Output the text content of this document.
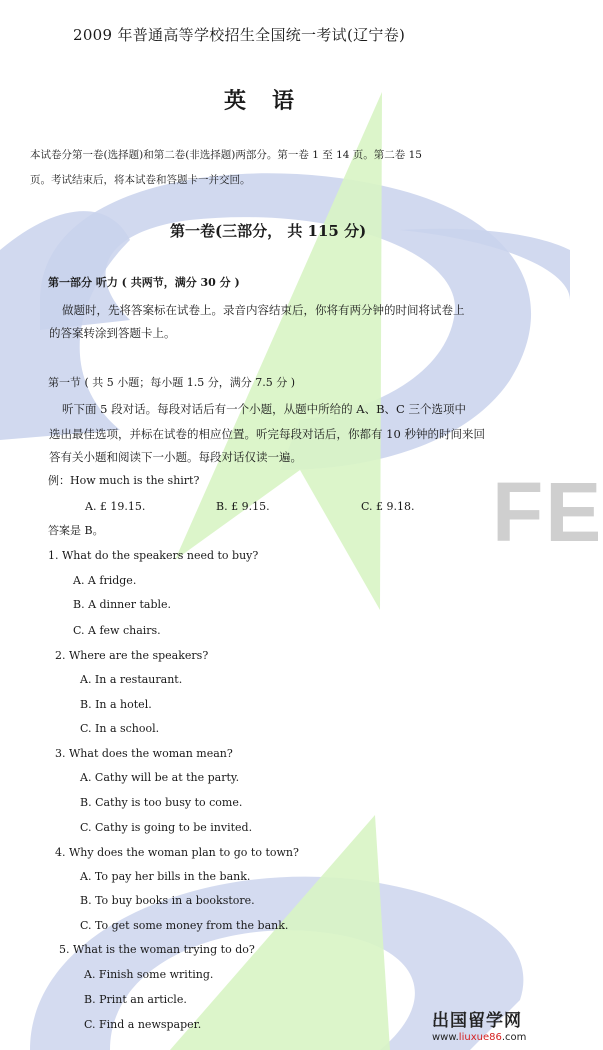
FE
2009 年普通高等学校招生全国统一考试(辽宁卷)
英语
本试卷分第一卷(选择题)和第二卷(非选择题)两部分。第一卷 1 至 14 页。第二卷 15
页。考试结束后，将本试卷和答题卡一并交回。
第一卷(三部分， 共 115 分)
第一部分 听力 ( 共两节，满分 30 分 )
做题时，先将答案标在试卷上。录音内容结束后，你将有两分钟的时间将试卷上
的答案转涂到答题卡上。
第一节 ( 共 5 小题；每小题 1.5 分，满分 7.5 分 )
听下面 5 段对话。每段对话后有一个小题，从题中所给的 A、B、C 三个选项中
选出最佳选项，并标在试卷的相应位置。听完每段对话后，你都有 10 秒钟的时间来回
答有关小题和阅读下一小题。每段对话仅读一遍。
例：How much is the shirt?
A. £ 19.15.	B. £ 9.15.	C. £ 9.18.
答案是 B。
1. What do the speakers need to buy?
A. A fridge.
B. A dinner table.
C. A few chairs.
2. Where are the speakers?
A. In a restaurant.
B. In a hotel.
C. In a school.
3. What does the woman mean?
A. Cathy will be at the party.
B. Cathy is too busy to come.
C. Cathy is going to be invited.
4. Why does the woman plan to go to town?
A. To pay her bills in the bank.
B. To buy books in a bookstore.
C. To get some money from the bank.
5. What is the woman trying to do?
A. Finish some writing.
B. Print an article.
C. Find a newspaper.	出国留学网
www.liuxue86.com
